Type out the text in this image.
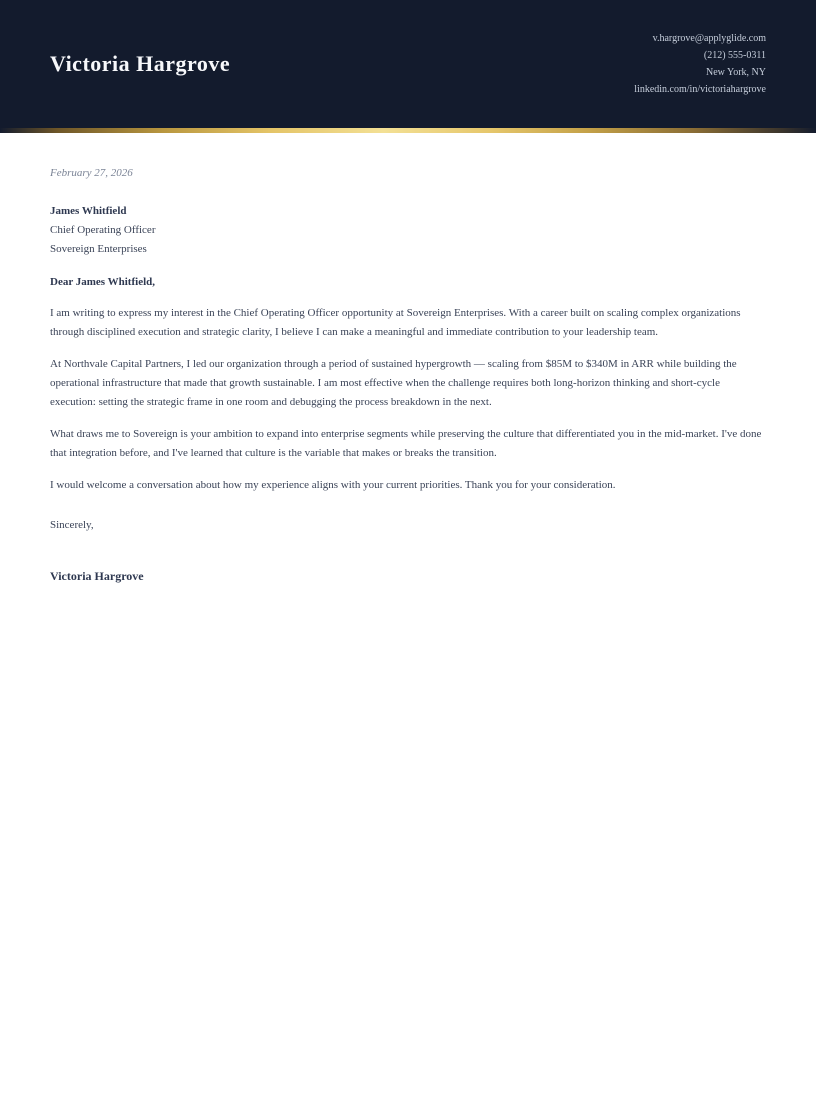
Victoria Hargrove
v.hargrove@applyglide.com
(212) 555-0311
New York, NY
linkedin.com/in/victoriahargrove

February 27, 2026

James Whitfield

Chief Operating Officer

Sovereign Enterprises

Dear James Whitfield,

I am writing to express my interest in the Chief Operating Officer opportunity at Sovereign Enterprises. With a career built on scaling complex organizations through disciplined execution and strategic clarity, I believe I can make a meaningful and immediate contribution to your leadership team.

At Northvale Capital Partners, I led our organization through a period of sustained hypergrowth — scaling from $85M to $340M in ARR while building the operational infrastructure that made that growth sustainable. I am most effective when the challenge requires both long-horizon thinking and short-cycle execution: setting the strategic frame in one room and debugging the process breakdown in the next.

What draws me to Sovereign is your ambition to expand into enterprise segments while preserving the culture that differentiated you in the mid-market. I've done that integration before, and I've learned that culture is the variable that makes or breaks the transition.

I would welcome a conversation about how my experience aligns with your current priorities. Thank you for your consideration.

Sincerely,

Victoria Hargrove
